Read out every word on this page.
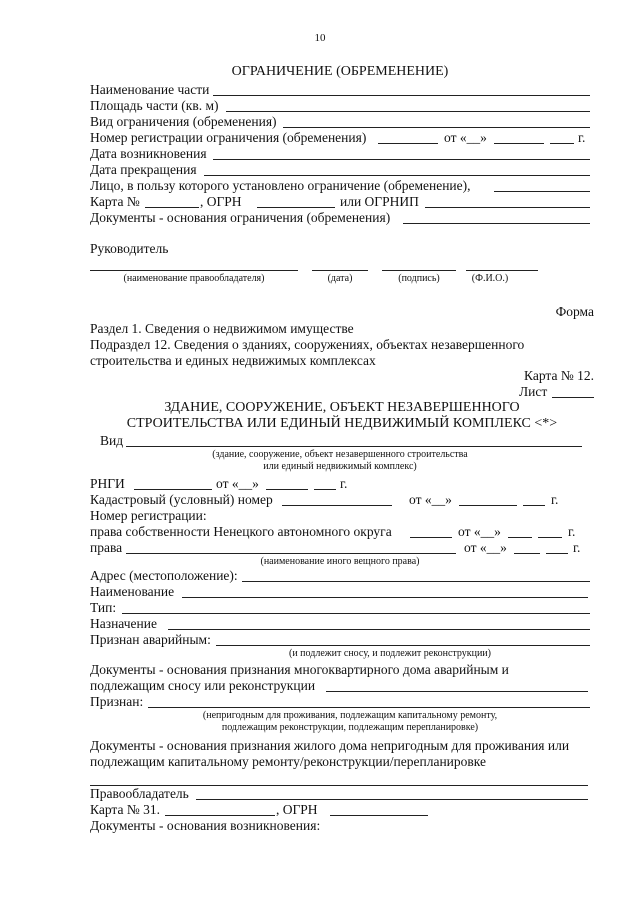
10
ОГРАНИЧЕНИЕ (ОБРЕМЕНЕНИЕ)
Наименование части
Площадь части (кв. м)
Вид ограничения (обременения)
Номер регистрации ограничения (обременения)	от «__»	г.
Дата возникновения
Дата прекращения
Лицо, в пользу которого установлено ограничение (обременение),
Карта №	, ОГРН	или ОГРНИП
Документы - основания ограничения (обременения)
Руководитель
(наименование правообладателя)	(дата)	(подпись)	(Ф.И.О.)
Форма
Раздел 1. Сведения о недвижимом имуществе
Подраздел 12. Сведения о зданиях, сооружениях, объектах незавершенного
строительства и единых недвижимых комплексах
Карта № 12.
Лист
ЗДАНИЕ, СООРУЖЕНИЕ, ОБЪЕКТ НЕЗАВЕРШЕННОГО
СТРОИТЕЛЬСТВА ИЛИ ЕДИНЫЙ НЕДВИЖИМЫЙ КОМПЛЕКС <*>
Вид
(здание, сооружение, объект незавершенного строительства
или единый недвижимый комплекс)
РНГИ	от «__»	г.
Кадастровый (условный) номер	от «__»	г.
Номер регистрации:
права собственности Ненецкого автономного округа	от «__»	г.
права	от «__»	г.
(наименование иного вещного права)
Адрес (местоположение):
Наименование
Тип:
Назначение
Признан аварийным:
(и подлежит сносу, и подлежит реконструкции)
Документы - основания признания многоквартирного дома аварийным и
подлежащим сносу или реконструкции
Признан:
(непригодным для проживания, подлежащим капитальному ремонту,
подлежащим реконструкции, подлежащим перепланировке)
Документы - основания признания жилого дома непригодным для проживания или
подлежащим капитальному ремонту/реконструкции/перепланировке
Правообладатель
Карта № 31.	, ОГРН
Документы - основания возникновения:
